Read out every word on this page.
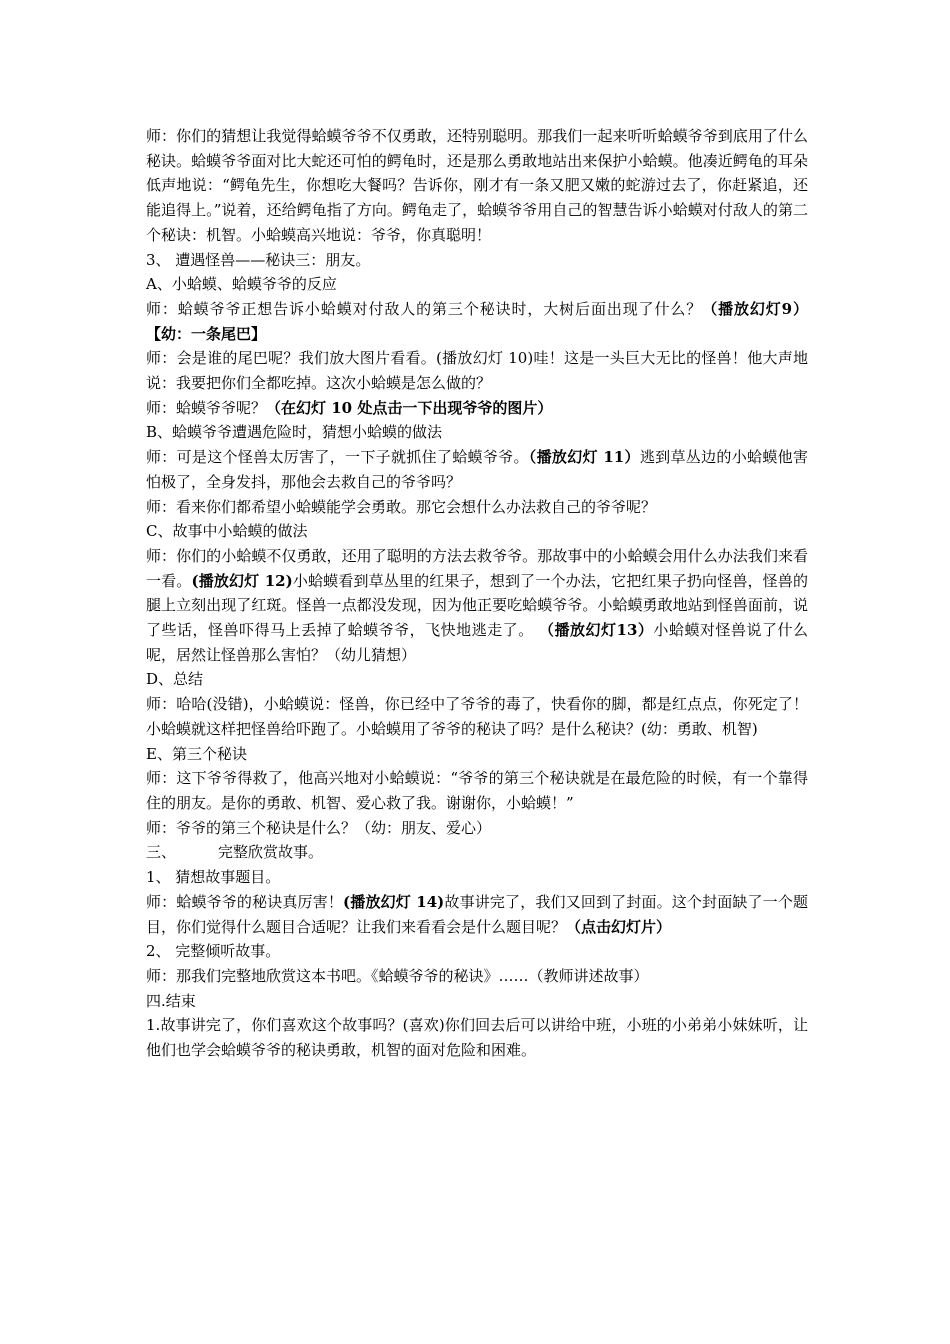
师：你们的猜想让我觉得蛤蟆爷爷不仅勇敢，还特别聪明。那我们一起来听听蛤蟆爷爷到底用了什么秘诀。蛤蟆爷爷面对比大蛇还可怕的鳄龟时，还是那么勇敢地站出来保护小蛤蟆。他凑近鳄龟的耳朵低声地说：“鳄龟先生，你想吃大餐吗？告诉你，刚才有一条又肥又嫩的蛇游过去了，你赶紧追，还能追得上。”说着，还给鳄龟指了方向。鳄龟走了，蛤蟆爷爷用自己的智慧告诉小蛤蟆对付敌人的第二个秘诀：机智。小蛤蟆高兴地说：爷爷，你真聪明！

3、 遭遇怪兽——秘诀三：朋友。

A、小蛤蟆、蛤蟆爷爷的反应

师：蛤蟆爷爷正想告诉小蛤蟆对付敌人的第三个秘诀时，大树后面出现了什么？（播放幻灯9）【幼：一条尾巴】

师：会是谁的尾巴呢？我们放大图片看看。(播放幻灯 10)哇！这是一头巨大无比的怪兽！他大声地说：我要把你们全都吃掉。这次小蛤蟆是怎么做的？

师：蛤蟆爷爷呢？（在幻灯 10 处点击一下出现爷爷的图片）

B、蛤蟆爷爷遭遇危险时，猜想小蛤蟆的做法

师：可是这个怪兽太厉害了，一下子就抓住了蛤蟆爷爷。（播放幻灯 11）逃到草丛边的小蛤蟆他害怕极了，全身发抖，那他会去救自己的爷爷吗？

师：看来你们都希望小蛤蟆能学会勇敢。那它会想什么办法救自己的爷爷呢？

C、故事中小蛤蟆的做法

师：你们的小蛤蟆不仅勇敢，还用了聪明的方法去救爷爷。那故事中的小蛤蟆会用什么办法我们来看一看。(播放幻灯 12)小蛤蟆看到草丛里的红果子，想到了一个办法，它把红果子扔向怪兽，怪兽的腿上立刻出现了红斑。怪兽一点都没发现，因为他正要吃蛤蟆爷爷。小蛤蟆勇敢地站到怪兽面前，说了些话，怪兽吓得马上丢掉了蛤蟆爷爷，飞快地逃走了。 （播放幻灯13）小蛤蟆对怪兽说了什么呢，居然让怪兽那么害怕？（幼儿猜想）

D、总结

师：哈哈(没错)，小蛤蟆说：怪兽，你已经中了爷爷的毒了，快看你的脚，都是红点点，你死定了！小蛤蟆就这样把怪兽给吓跑了。小蛤蟆用了爷爷的秘诀了吗？是什么秘诀？(幼：勇敢、机智)

E、第三个秘诀

师：这下爷爷得救了，他高兴地对小蛤蟆说：“爷爷的第三个秘诀就是在最危险的时候，有一个靠得住的朋友。是你的勇敢、机智、爱心救了我。谢谢你，小蛤蟆！”

师：爷爷的第三个秘诀是什么？（幼：朋友、爱心）

三、	完整欣赏故事。

1、 猜想故事题目。

师：蛤蟆爷爷的秘诀真厉害！(播放幻灯 14)故事讲完了，我们又回到了封面。这个封面缺了一个题目，你们觉得什么题目合适呢？让我们来看看会是什么题目呢？（点击幻灯片）

2、 完整倾听故事。

师：那我们完整地欣赏这本书吧。《蛤蟆爷爷的秘诀》……（教师讲述故事）

四.结束

1.故事讲完了，你们喜欢这个故事吗？(喜欢)你们回去后可以讲给中班，小班的小弟弟小妹妹听，让他们也学会蛤蟆爷爷的秘诀勇敢，机智的面对危险和困难。
